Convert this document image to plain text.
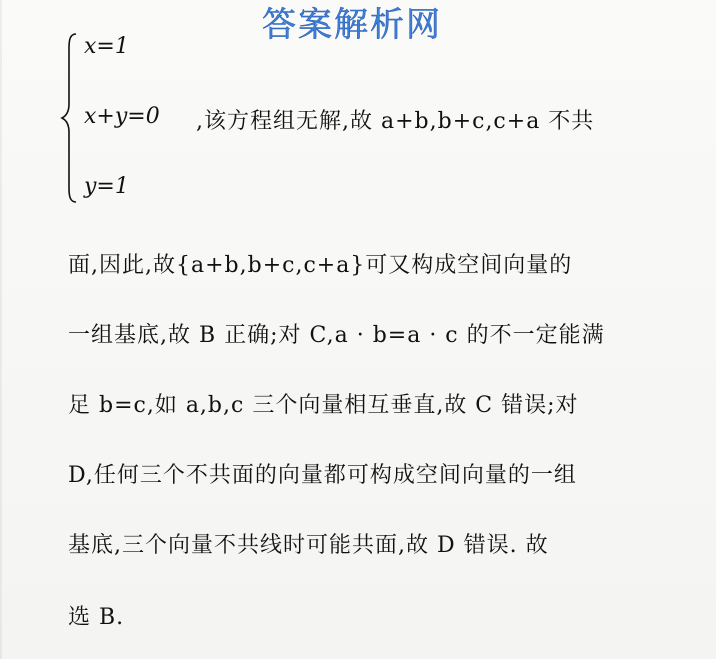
答案解析网
x=1
x+y=0
y=1
,该方程组无解,故 a+b,b+c,c+a 不共
面,因此,故{a+b,b+c,c+a}可又构成空间向量的
一组基底,故 B 正确;对 C,a · b=a · c 的不一定能满
足 b=c,如 a,b,c 三个向量相互垂直,故 C 错误;对
D,任何三个不共面的向量都可构成空间向量的一组
基底,三个向量不共线时可能共面,故 D 错误. 故
选 B.
